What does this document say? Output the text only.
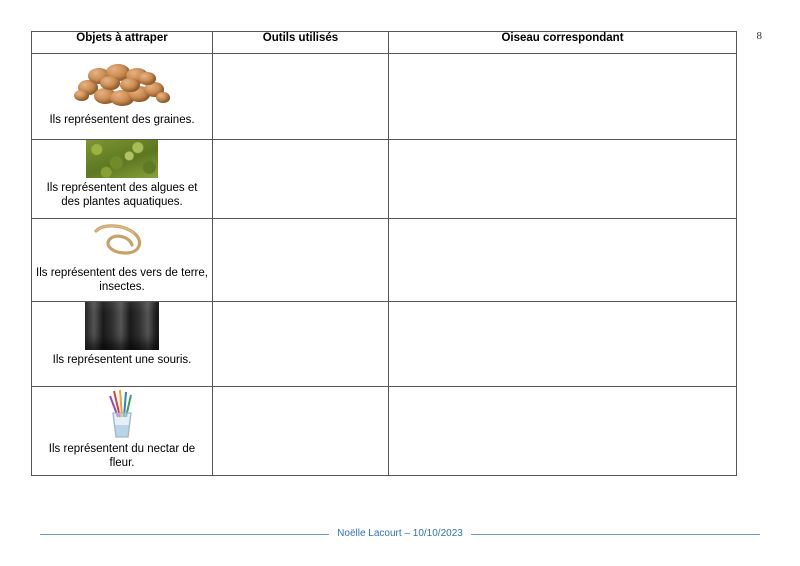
8
Objets à attraper	Outils utilisés	Oiseau correspondant

Ils représentent des graines.		

Ils représentent des algues et des plantes aquatiques.		

Ils représentent des vers de terre, insectes.		

Ils représentent une souris.		

Ils représentent du nectar de fleur.		

Noëlle Lacourt – 10/10/2023
